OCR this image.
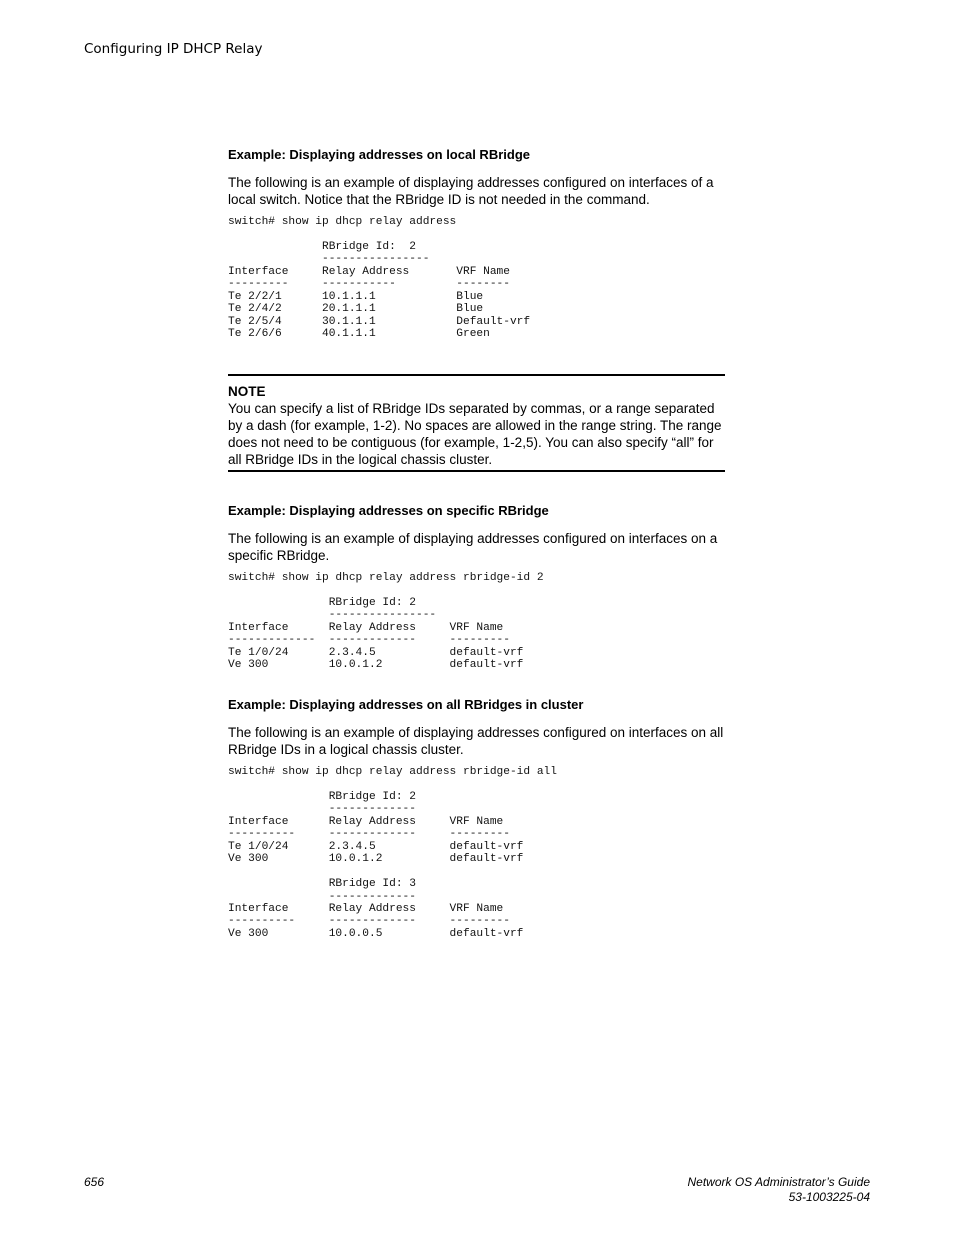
Configuring IP DHCP Relay
Example: Displaying addresses on local RBridge
The following is an example of displaying addresses configured on interfaces of a local switch. Notice that the RBridge ID is not needed in the command.
switch# show ip dhcp relay address

RBridge Id:  2
----------------
Interface     Relay Address       VRF Name
---------     -----------         --------
Te 2/2/1      10.1.1.1            Blue
Te 2/4/2      20.1.1.1            Blue
Te 2/5/4      30.1.1.1            Default-vrf
Te 2/6/6      40.1.1.1            Green
NOTE
You can specify a list of RBridge IDs separated by commas, or a range separated by a dash (for example, 1-2). No spaces are allowed in the range string. The range does not need to be contiguous (for example, 1-2,5). You can also specify “all” for all RBridge IDs in the logical chassis cluster.
Example: Displaying addresses on specific RBridge
The following is an example of displaying addresses configured on interfaces on a specific RBridge.
switch# show ip dhcp relay address rbridge-id 2

RBridge Id: 2
----------------
Interface      Relay Address     VRF Name
-------------  -------------     ---------
Te 1/0/24      2.3.4.5           default-vrf
Ve 300         10.0.1.2          default-vrf
Example: Displaying addresses on all RBridges in cluster
The following is an example of displaying addresses configured on interfaces on all RBridge IDs in a logical chassis cluster.
switch# show ip dhcp relay address rbridge-id all

RBridge Id: 2
-------------
Interface      Relay Address     VRF Name
----------     -------------     ---------
Te 1/0/24      2.3.4.5           default-vrf
Ve 300         10.0.1.2          default-vrf

RBridge Id: 3
-------------
Interface      Relay Address     VRF Name
----------     -------------     ---------
Ve 300         10.0.0.5          default-vrf
656	Network OS Administrator’s Guide
53-1003225-04
